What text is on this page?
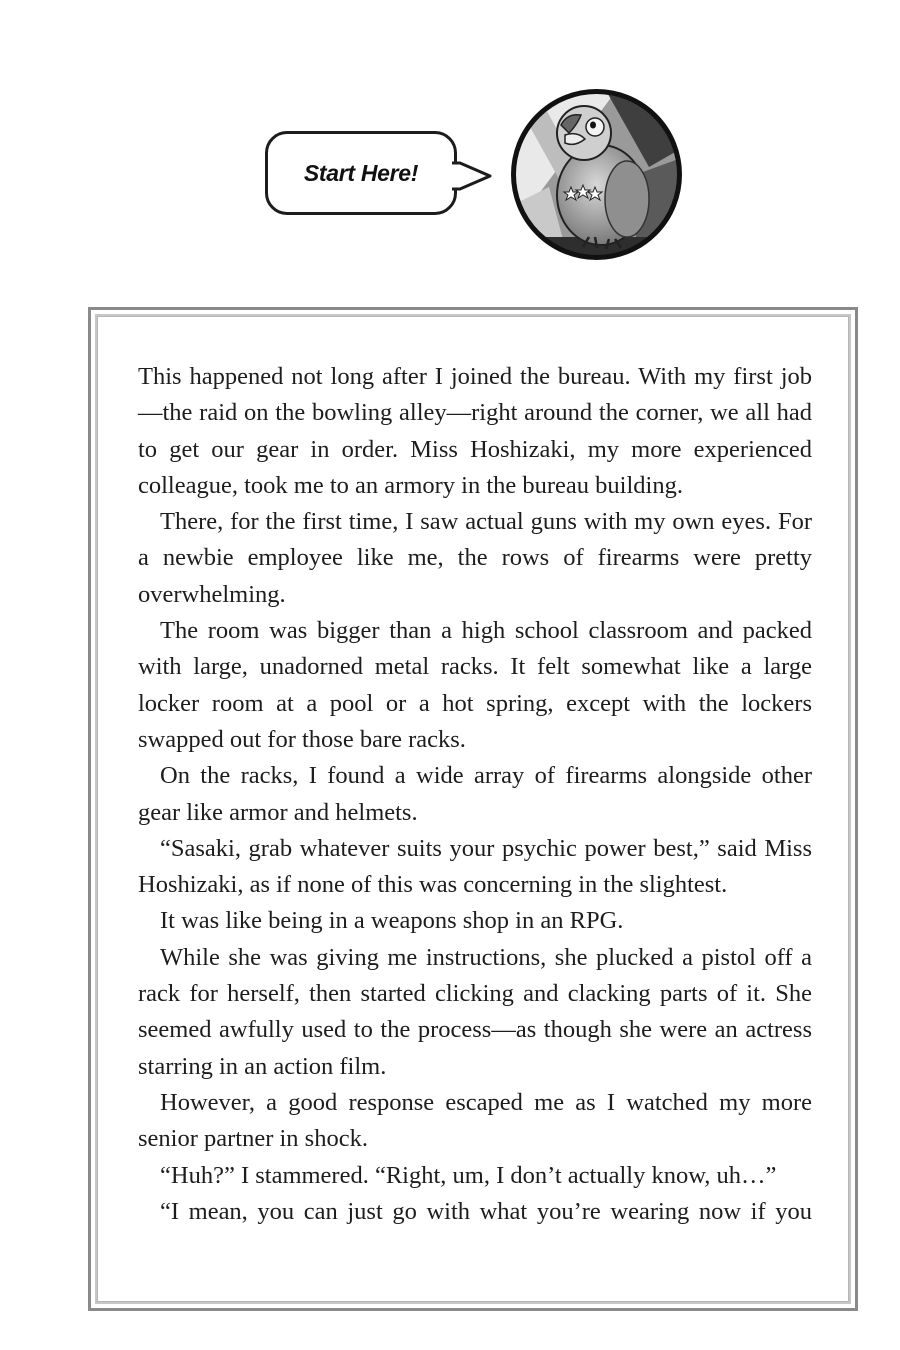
Start Here!

This happened not long after I joined the bureau. With my first job—the raid on the bowling alley—right around the corner, we all had to get our gear in order. Miss Hoshizaki, my more experienced colleague, took me to an armory in the bureau building.

There, for the first time, I saw actual guns with my own eyes. For a newbie employee like me, the rows of firearms were pretty overwhelming.

The room was bigger than a high school classroom and packed with large, unadorned metal racks. It felt somewhat like a large locker room at a pool or a hot spring, except with the lockers swapped out for those bare racks.

On the racks, I found a wide array of firearms alongside other gear like armor and helmets.

“Sasaki, grab whatever suits your psychic power best,” said Miss Hoshizaki, as if none of this was concerning in the slightest.

It was like being in a weapons shop in an RPG.

While she was giving me instructions, she plucked a pistol off a rack for herself, then started clicking and clacking parts of it. She seemed awfully used to the process—as though she were an actress starring in an action film.

However, a good response escaped me as I watched my more senior partner in shock.

“Huh?” I stammered. “Right, um, I don’t actually know, uh…”

“I mean, you can just go with what you’re wearing now if you
